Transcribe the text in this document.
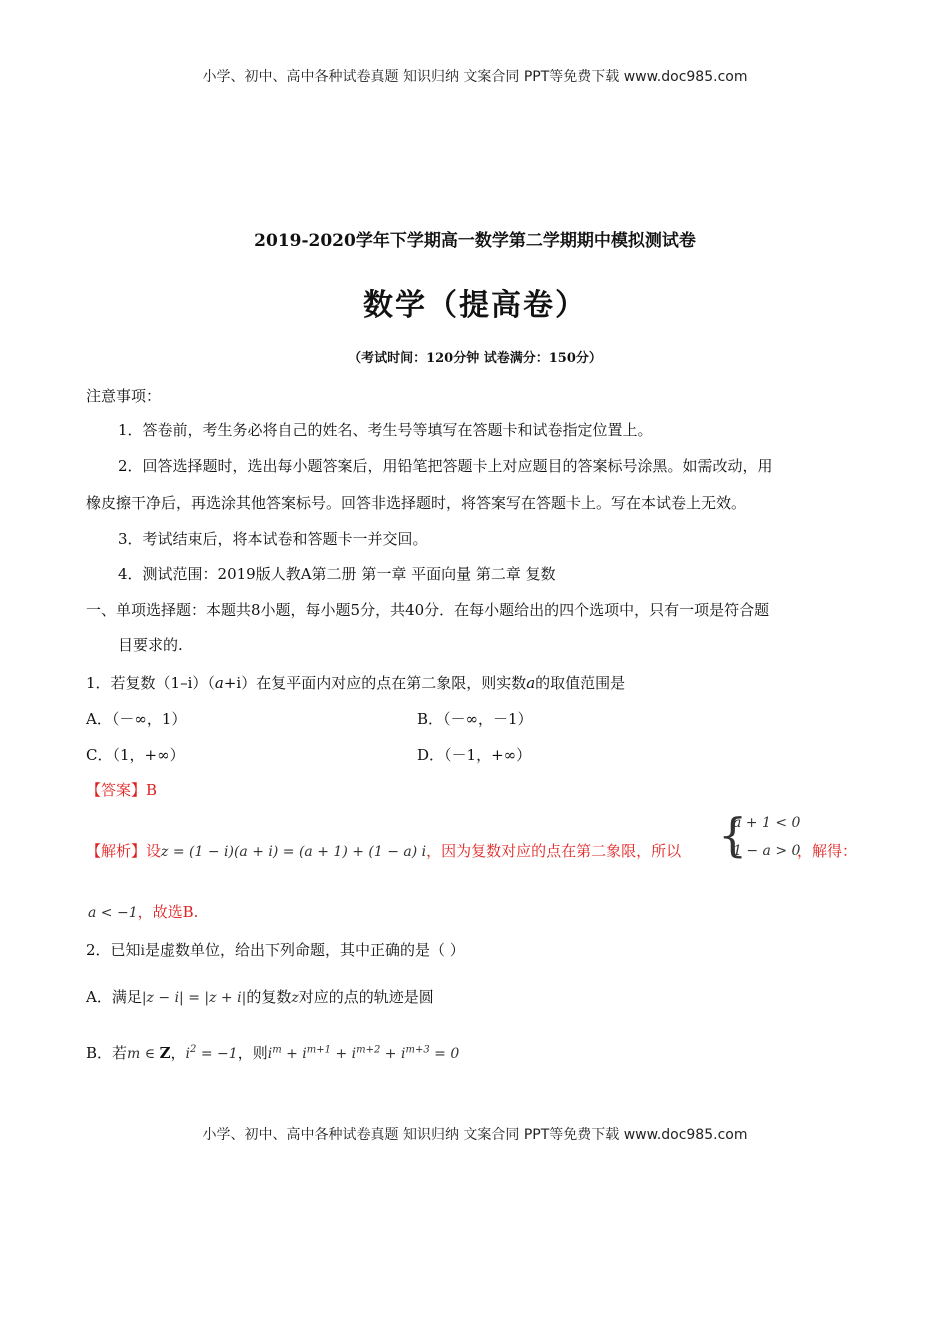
小学、初中、高中各种试卷真题 知识归纳 文案合同 PPT等免费下载 www.doc985.com
2019-2020学年下学期高一数学第二学期期中模拟测试卷
数学（提高卷）
（考试时间：120分钟 试卷满分：150分）
注意事项：
1．答卷前，考生务必将自己的姓名、考生号等填写在答题卡和试卷指定位置上。
2．回答选择题时，选出每小题答案后，用铅笔把答题卡上对应题目的答案标号涂黑。如需改动，用
橡皮擦干净后，再选涂其他答案标号。回答非选择题时，将答案写在答题卡上。写在本试卷上无效。
3．考试结束后，将本试卷和答题卡一并交回。
4．测试范围：2019版人教A第二册 第一章 平面向量 第二章 复数
一、单项选择题：本题共8小题，每小题5分，共40分．在每小题给出的四个选项中，只有一项是符合题
目要求的.
1．若复数（1–i）（a+i）在复平面内对应的点在第二象限，则实数a的取值范围是
A．（－∞，1）	B．（－∞，－1）
C．（1，+∞）	D．（－1，+∞）
【答案】B
【解析】设z = (1 − i)(a + i) = (a + 1) + (1 − a) i，因为复数对应的点在第二象限，所以 {
a + 1 < 0
1 − a > 0
，解得：
a < −1，故选B.
2．已知i是虚数单位，给出下列命题，其中正确的是（ ）
A．满足|z − i| = |z + i|的复数z对应的点的轨迹是圆
B．若m ∈ Z，$i^2 = -1$，则$i^m + i^{m+1} + i^{m+2} + i^{m+3} = 0$
小学、初中、高中各种试卷真题 知识归纳 文案合同 PPT等免费下载 www.doc985.com
